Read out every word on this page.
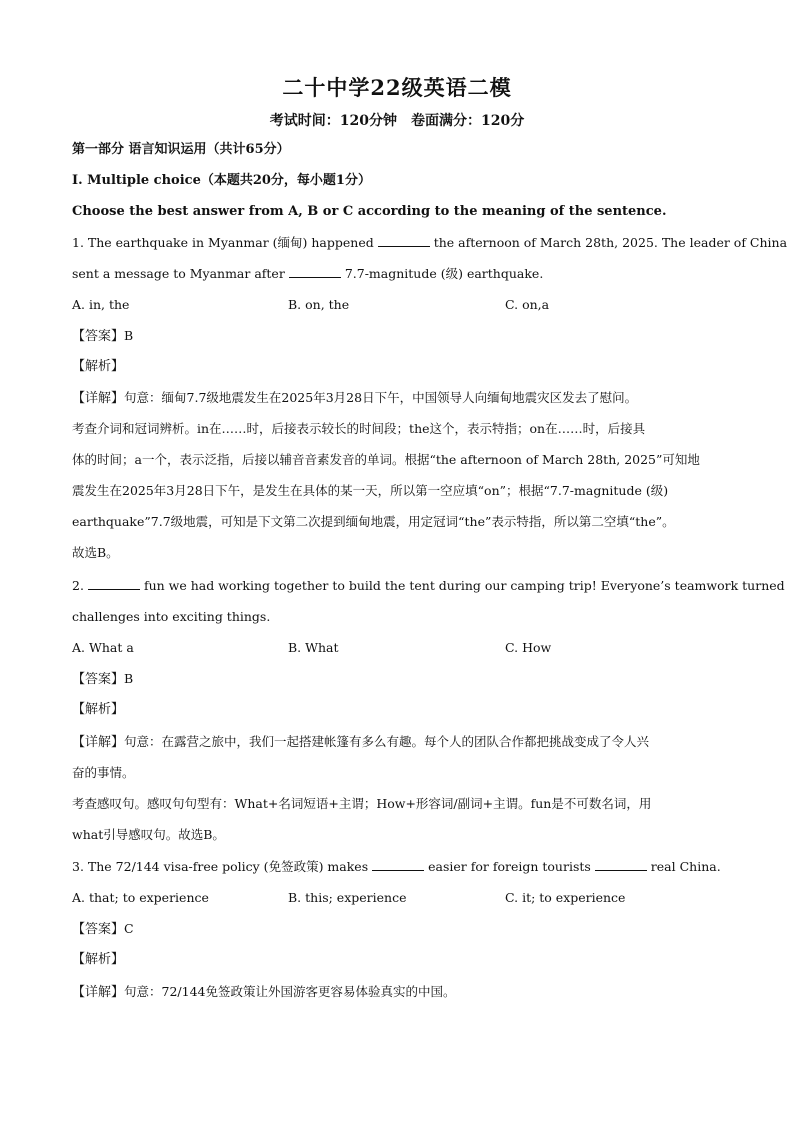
二十中学22级英语二模
考试时间：120分钟　卷面满分：120分
第一部分 语言知识运用（共计65分）
I. Multiple choice（本题共20分，每小题1分）
Choose the best answer from A, B or C according to the meaning of the sentence.
1. The earthquake in Myanmar (缅甸) happened	the afternoon of March 28th, 2025. The leader of China
sent a message to Myanmar after	7.7-magnitude (级) earthquake.
A. in, the	B. on, the	C. on,a
【答案】B
【解析】
【详解】句意：缅甸7.7级地震发生在2025年3月28日下午，中国领导人向缅甸地震灾区发去了慰问。
考查介词和冠词辨析。in在……时，后接表示较长的时间段；the这个，表示特指；on在……时，后接具
体的时间；a一个，表示泛指，后接以辅音音素发音的单词。根据“the afternoon of March 28th, 2025”可知地
震发生在2025年3月28日下午，是发生在具体的某一天，所以第一空应填“on”；根据“7.7-magnitude (级)
earthquake”7.7级地震，可知是下文第二次提到缅甸地震，用定冠词“the”表示特指，所以第二空填“the”。
故选B。
2.	fun we had working together to build the tent during our camping trip! Everyone’s teamwork turned
challenges into exciting things.
A. What a	B. What	C. How
【答案】B
【解析】
【详解】句意：在露营之旅中，我们一起搭建帐篷有多么有趣。每个人的团队合作都把挑战变成了令人兴
奋的事情。
考查感叹句。感叹句句型有：What+名词短语+主谓；How+形容词/副词+主谓。fun是不可数名词，用
what引导感叹句。故选B。
3. The 72/144 visa-free policy (免签政策) makes	easier for foreign tourists	real China.
A. that; to experience	B. this; experience	C. it; to experience
【答案】C
【解析】
【详解】句意：72/144免签政策让外国游客更容易体验真实的中国。
